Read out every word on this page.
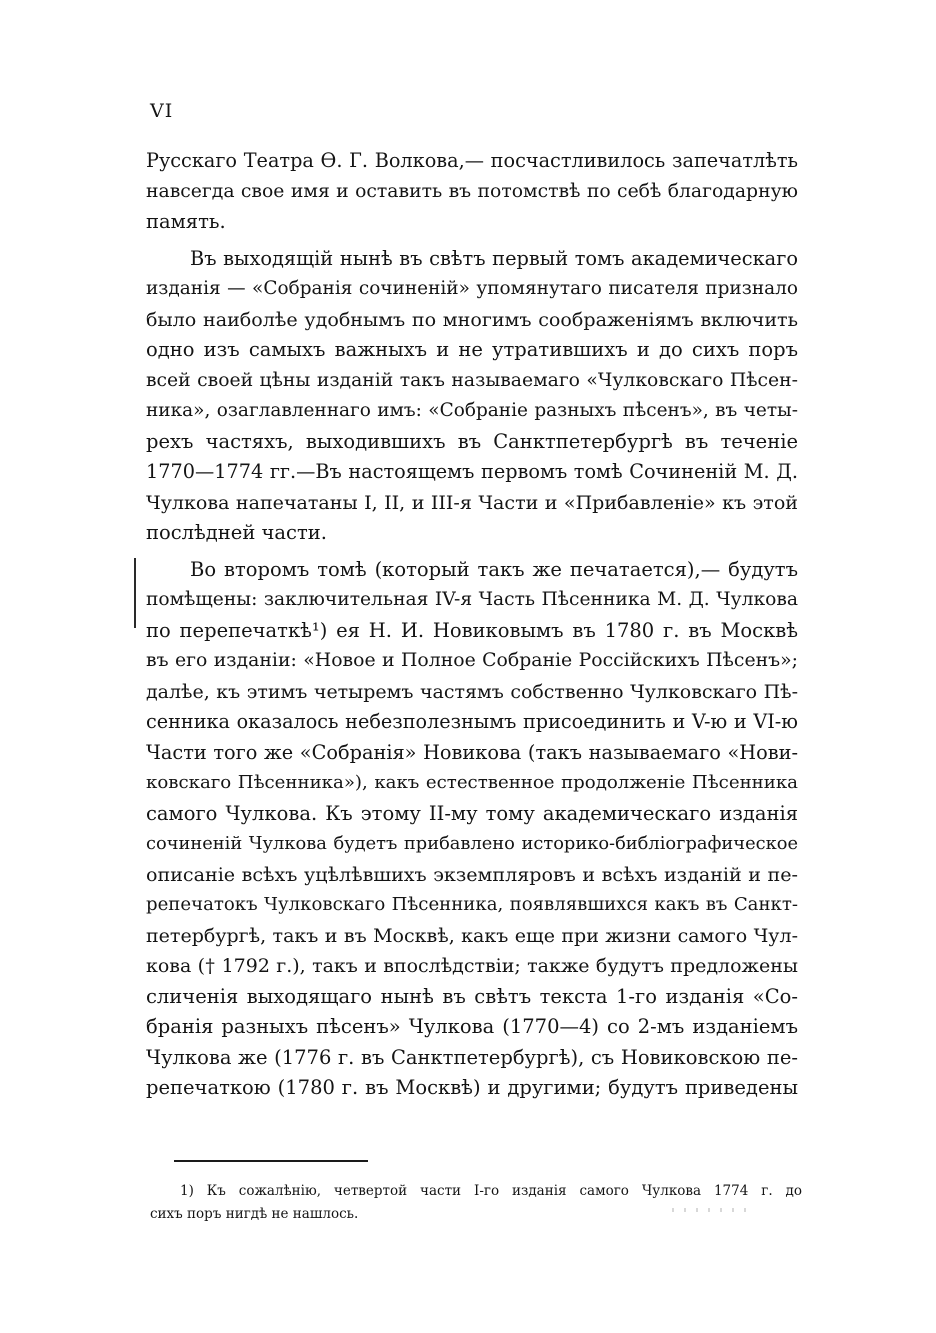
VI
Русскаго Театра Ѳ. Г. Волкова,— посчастливилось запечатлѣть
навсегда свое имя и оставить въ потомствѣ по себѣ благодарную
память.
Въ выходящій нынѣ въ свѣтъ первый томъ академическаго
изданія — «Собранія сочиненій» упомянутаго писателя признало
было наиболѣе удобнымъ по многимъ соображеніямъ включить
одно изъ самыхъ важныхъ и не утратившихъ и до сихъ поръ
всей своей цѣны изданій такъ называемаго «Чулковскаго Пѣсен-
ника», озаглавленнаго имъ: «Собраніе разныхъ пѣсенъ», въ четы-
рехъ частяхъ, выходившихъ въ Санктпетербургѣ въ теченіе
1770—1774 гг.—Въ настоящемъ первомъ томѣ Сочиненій М. Д.
Чулкова напечатаны I, II, и III-я Части и «Прибавленіе» къ этой
послѣдней части.
Во второмъ томѣ (который такъ же печатается),— будутъ
помѣщены: заключительная IV-я Часть Пѣсенника М. Д. Чулкова
по перепечаткѣ¹) ея Н. И. Новиковымъ въ 1780 г. въ Москвѣ
въ его изданіи: «Новое и Полное Собраніе Россійскихъ Пѣсенъ»;
далѣе, къ этимъ четыремъ частямъ собственно Чулковскаго Пѣ-
сенника оказалось небезполезнымъ присоединить и V-ю и VI-ю
Части того же «Собранія» Новикова (такъ называемаго «Нови-
ковскаго Пѣсенника»), какъ естественное продолженіе Пѣсенника
самого Чулкова. Къ этому II-му тому академическаго изданія
сочиненій Чулкова будетъ прибавлено историко-библіографическое
описаніе всѣхъ уцѣлѣвшихъ экземпляровъ и всѣхъ изданій и пе-
репечатокъ Чулковскаго Пѣсенника, появлявшихся какъ въ Санкт-
петербургѣ, такъ и въ Москвѣ, какъ еще при жизни самого Чул-
кова († 1792 г.), такъ и впослѣдствіи; также будутъ предложены
сличенія выходящаго нынѣ въ свѣтъ текста 1-го изданія «Со-
бранія разныхъ пѣсенъ» Чулкова (1770—4) со 2-мъ изданіемъ
Чулкова же (1776 г. въ Санктпетербургѣ), съ Новиковскою пе-
репечаткою (1780 г. въ Москвѣ) и другими; будутъ приведены
1) Къ сожалѣнію, четвертой части I-го изданія самого Чулкова 1774 г. до
сихъ поръ нигдѣ не нашлось.
